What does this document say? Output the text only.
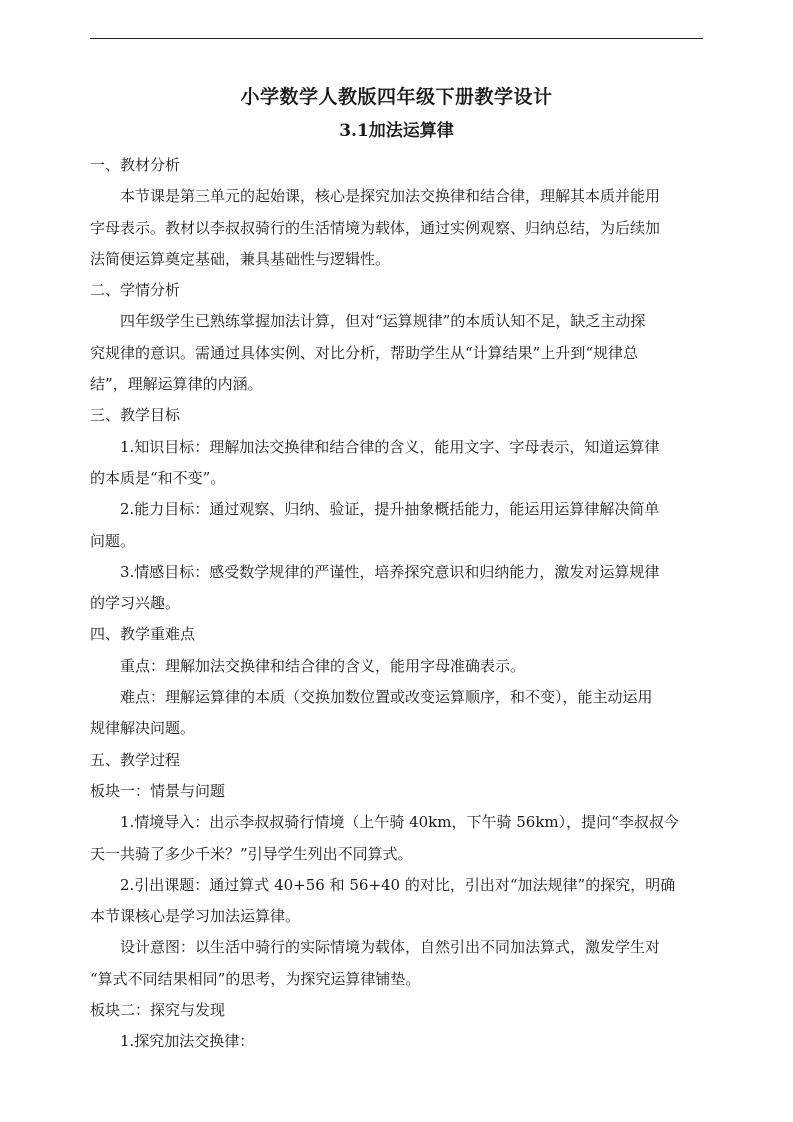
小学数学人教版四年级下册教学设计
3.1加法运算律
一、教材分析
本节课是第三单元的起始课，核心是探究加法交换律和结合律，理解其本质并能用
字母表示。教材以李叔叔骑行的生活情境为载体，通过实例观察、归纳总结，为后续加
法简便运算奠定基础，兼具基础性与逻辑性。
二、学情分析
四年级学生已熟练掌握加法计算，但对“运算规律”的本质认知不足，缺乏主动探
究规律的意识。需通过具体实例、对比分析，帮助学生从“计算结果”上升到“规律总
结”，理解运算律的内涵。
三、教学目标
1.知识目标：理解加法交换律和结合律的含义，能用文字、字母表示，知道运算律
的本质是“和不变”。
2.能力目标：通过观察、归纳、验证，提升抽象概括能力，能运用运算律解决简单
问题。
3.情感目标：感受数学规律的严谨性，培养探究意识和归纳能力，激发对运算规律
的学习兴趣。
四、教学重难点
重点：理解加法交换律和结合律的含义，能用字母准确表示。
难点：理解运算律的本质（交换加数位置或改变运算顺序，和不变），能主动运用
规律解决问题。
五、教学过程
板块一：情景与问题
1.情境导入：出示李叔叔骑行情境（上午骑 40km，下午骑 56km），提问“李叔叔今
天一共骑了多少千米？”引导学生列出不同算式。
2.引出课题：通过算式 40+56 和 56+40 的对比，引出对“加法规律”的探究，明确
本节课核心是学习加法运算律。
设计意图：以生活中骑行的实际情境为载体，自然引出不同加法算式，激发学生对
“算式不同结果相同”的思考，为探究运算律铺垫。
板块二：探究与发现
1.探究加法交换律：
